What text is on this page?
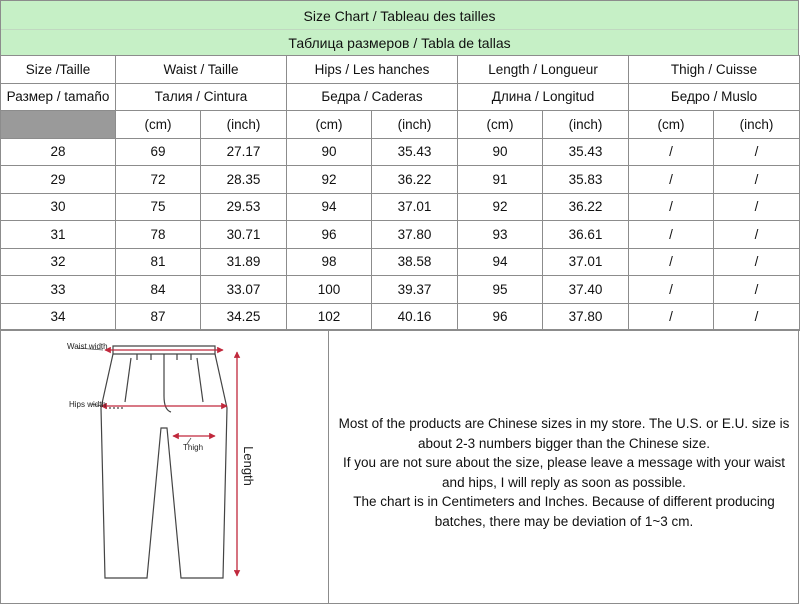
Size Chart / Tableau des tailles
Таблица размеров / Tabla de tallas
Size /Taille	Waist / Taille		Hips / Les hanches		Length / Longueur		Thigh / Cuisse	
Размер / tamaño	Талия / Cintura		Бедра / Caderas		Длина / Longitud		Бедро / Muslo	
	(cm)	(inch)	(cm)	(inch)	(cm)	(inch)	(cm)	(inch)
28	69	27.17	90	35.43	90	35.43	/	/
29	72	28.35	92	36.22	91	35.83	/	/
30	75	29.53	94	37.01	92	36.22	/	/
31	78	30.71	96	37.80	93	36.61	/	/
32	81	31.89	98	38.58	94	37.01	/	/
33	84	33.07	100	39.37	95	37.40	/	/
34	87	34.25	102	40.16	96	37.80	/	/
Waist width
Hips width
Thigh	Length

Most of the products are Chinese sizes in my store. The U.S. or E.U. size is about 2-3 numbers bigger than the Chinese size.

If you are not sure about the size, please leave a message with your waist and hips, I will reply as soon as possible.

The chart is in Centimeters and Inches. Because of different producing batches, there may be deviation of 1~3 cm.
